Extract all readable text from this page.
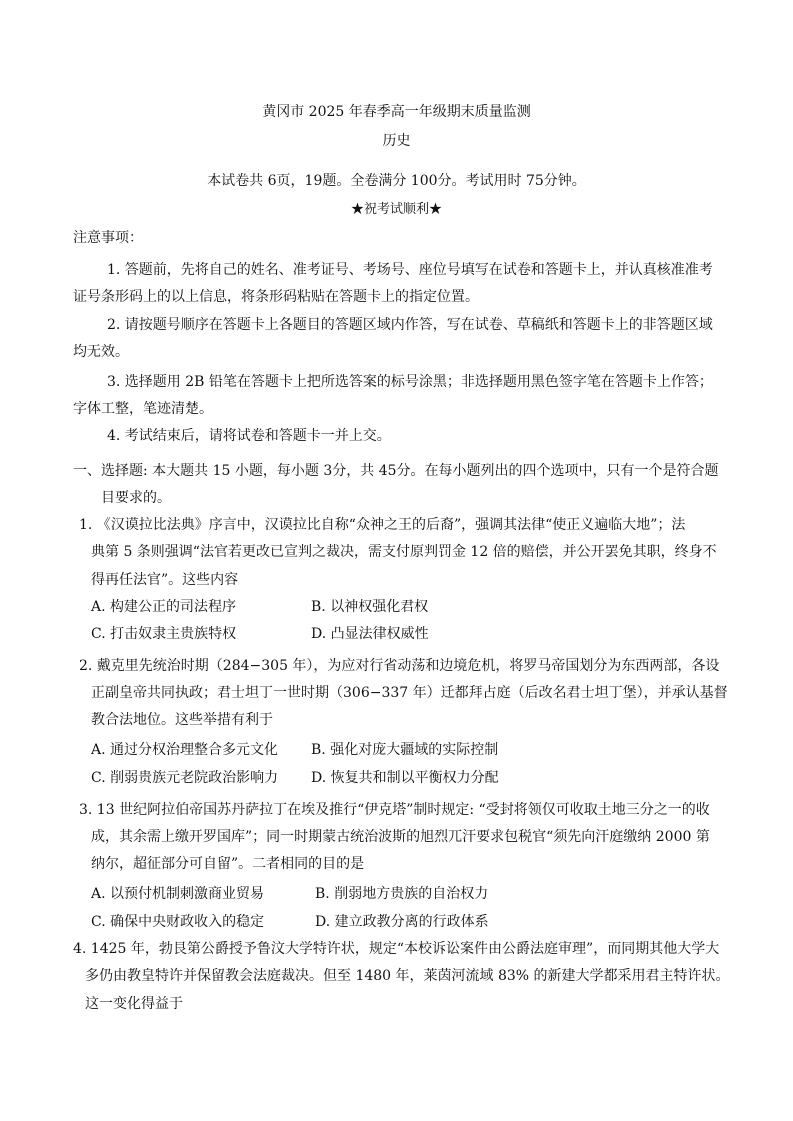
黄冈市 2025 年春季高一年级期末质量监测
历史
本试卷共 6页，19题。全卷满分 100分。考试用时 75分钟。
★祝考试顺利★
注意事项：
1. 答题前，先将自己的姓名、准考证号、考场号、座位号填写在试卷和答题卡上，并认真核准准考
证号条形码上的以上信息，将条形码粘贴在答题卡上的指定位置。
2. 请按题号顺序在答题卡上各题目的答题区域内作答，写在试卷、草稿纸和答题卡上的非答题区域
均无效。
3. 选择题用 2B 铅笔在答题卡上把所选答案的标号涂黑；非选择题用黑色签字笔在答题卡上作答；
字体工整，笔迹清楚。
4. 考试结束后，请将试卷和答题卡一并上交。
一、选择题: 本大题共 15 小题，每小题 3分，共 45分。在每小题列出的四个选项中，只有一个是符合题
目要求的。
1. 《汉谟拉比法典》序言中，汉谟拉比自称“众神之王的后裔”，强调其法律“使正义遍临大地”；法
典第 5 条则强调“法官若更改已宣判之裁决，需支付原判罚金 12 倍的赔偿，并公开罢免其职，终身不
得再任法官”。这些内容
A. 构建公正的司法程序	B. 以神权强化君权
C. 打击奴隶主贵族特权	D. 凸显法律权威性
2. 戴克里先统治时期（284−305 年），为应对行省动荡和边境危机，将罗马帝国划分为东西两部，各设
正副皇帝共同执政；君士坦丁一世时期（306−337 年）迁都拜占庭（后改名君士坦丁堡），并承认基督
教合法地位。这些举措有利于
A. 通过分权治理整合多元文化 B. 强化对庞大疆域的实际控制
C. 削弱贵族元老院政治影响力 D. 恢复共和制以平衡权力分配
3. 13 世纪阿拉伯帝国苏丹萨拉丁在埃及推行“伊克塔”制时规定: “受封将领仅可收取土地三分之一的收
成，其余需上缴开罗国库”；同一时期蒙古统治波斯的旭烈兀汗要求包税官“须先向汗庭缴纳 2000 第
纳尔，超征部分可自留”。二者相同的目的是
A. 以预付机制刺激商业贸易	B. 削弱地方贵族的自治权力
C. 确保中央财政收入的稳定	D. 建立政教分离的行政体系
4. 1425 年，勃艮第公爵授予鲁汶大学特许状，规定“本校诉讼案件由公爵法庭审理”，而同期其他大学大
多仍由教皇特许并保留教会法庭裁决。但至 1480 年，莱茵河流域 83% 的新建大学都采用君主特许状。
这一变化得益于
